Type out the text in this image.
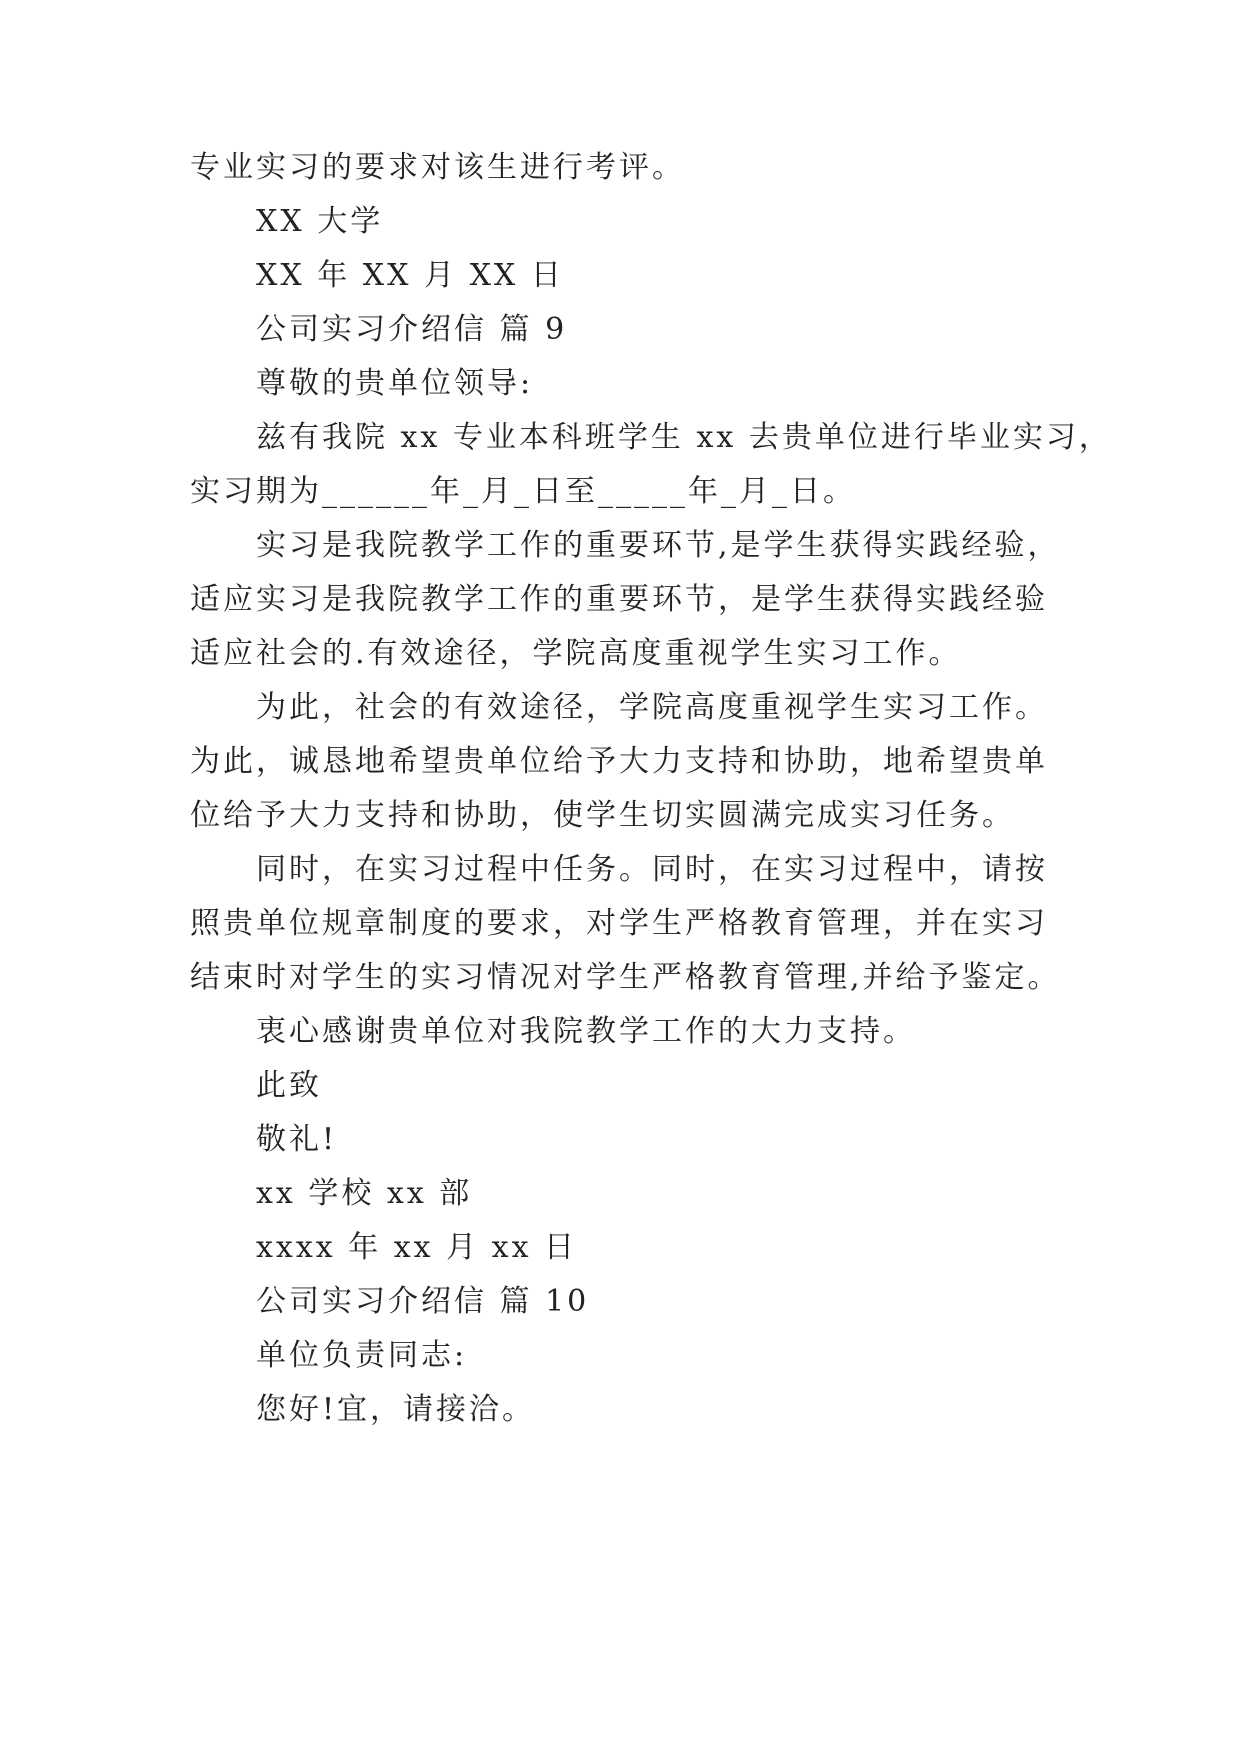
专业实习的要求对该生进行考评。
XX 大学
XX 年 XX 月 XX 日
公司实习介绍信 篇 9
尊敬的贵单位领导:
兹有我院 xx 专业本科班学生 xx 去贵单位进行毕业实习，
实习期为______年_月_日至_____年_月_日。
实习是我院教学工作的重要环节,是学生获得实践经验，
适应实习是我院教学工作的重要环节，是学生获得实践经验
适应社会的.有效途径，学院高度重视学生实习工作。
为此，社会的有效途径，学院高度重视学生实习工作。
为此，诚恳地希望贵单位给予大力支持和协助，地希望贵单
位给予大力支持和协助，使学生切实圆满完成实习任务。
同时，在实习过程中任务。同时，在实习过程中，请按
照贵单位规章制度的要求，对学生严格教育管理，并在实习
结束时对学生的实习情况对学生严格教育管理,并给予鉴定。
衷心感谢贵单位对我院教学工作的大力支持。
此致
敬礼!
xx 学校 xx 部
xxxx 年 xx 月 xx 日
公司实习介绍信 篇 10
单位负责同志:
您好!宜，请接洽。
